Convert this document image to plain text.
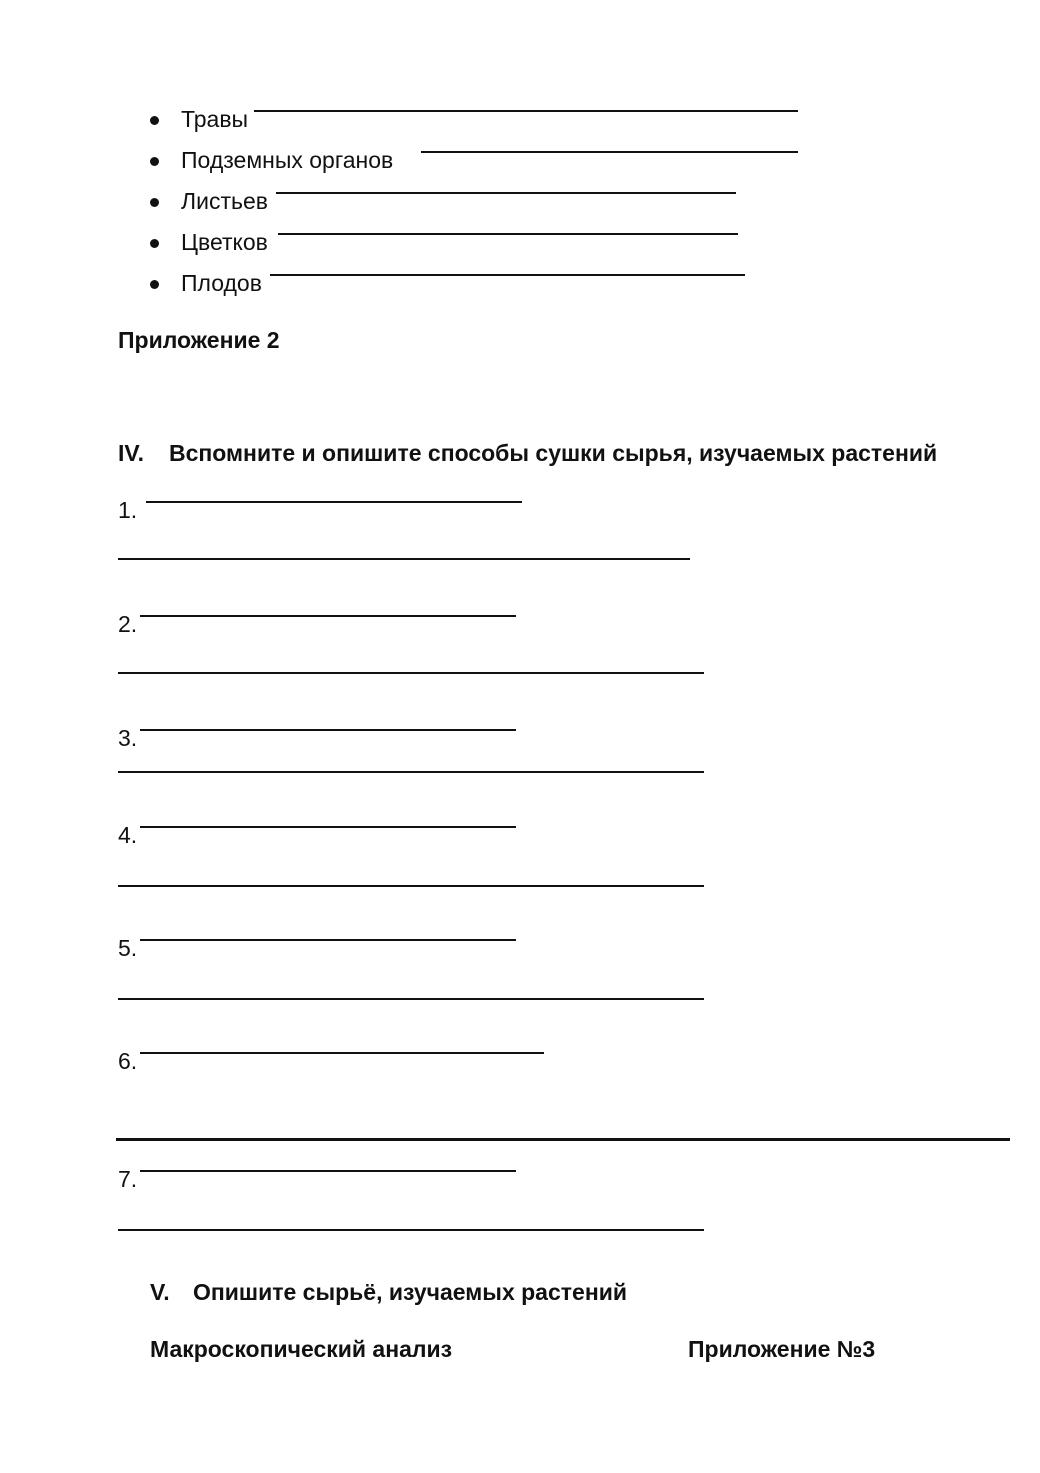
Травы
Подземных органов
Листьев
Цветков
Плодов
Приложение 2
IV. Вспомните и опишите способы сушки сырья, изучаемых растений
1.
2.
3.
4.
5.
6.
7.
V. Опишите сырьё, изучаемых растений
Макроскопический анализ	Приложение №3
